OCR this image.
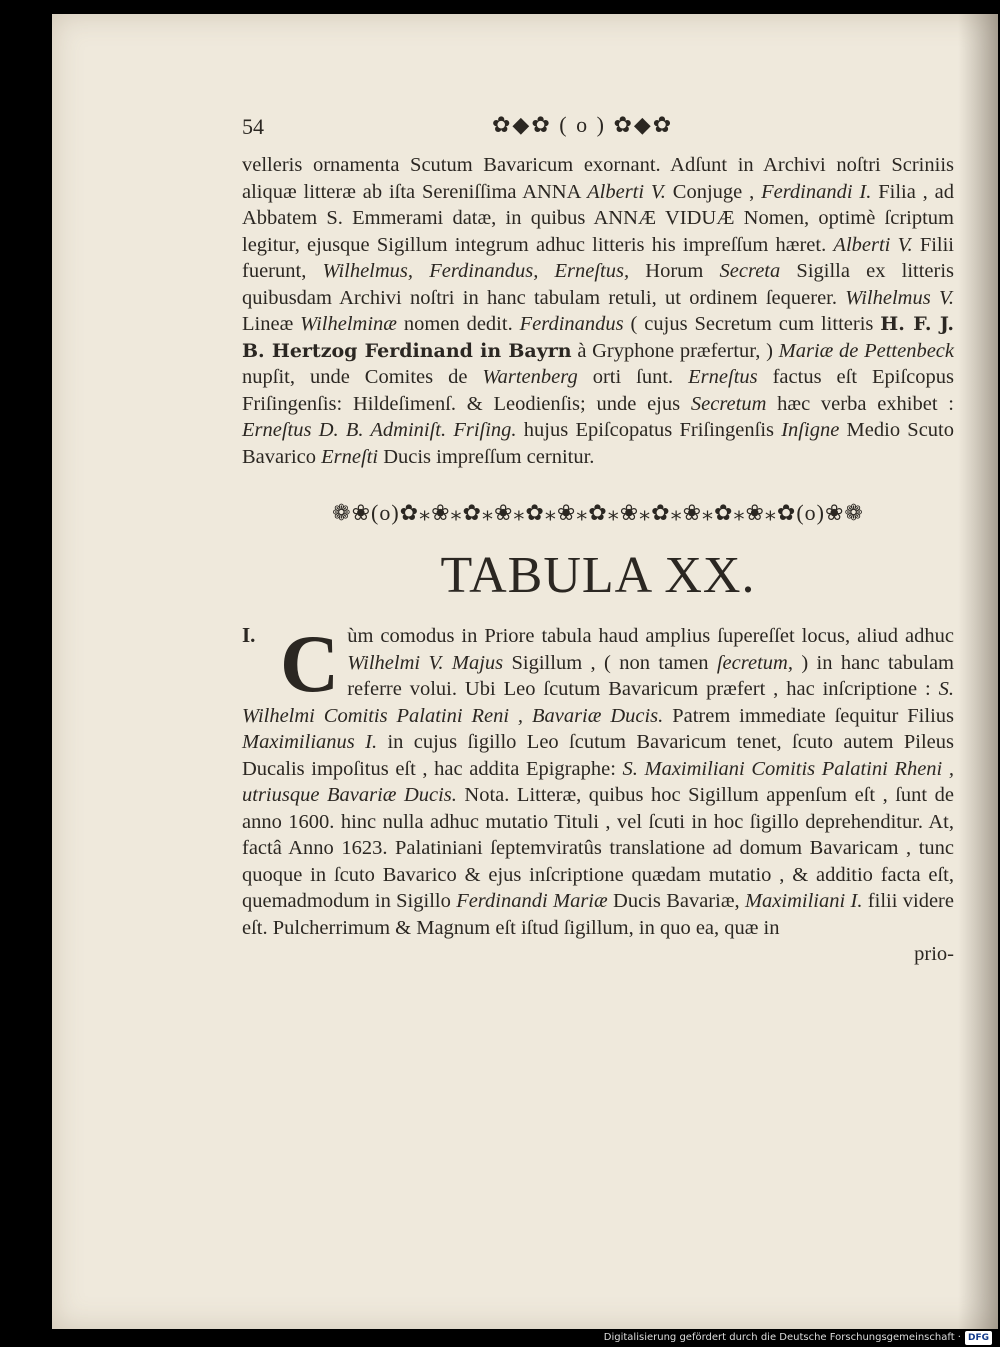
54	✿◆✿ ( o ) ✿◆✿

velleris ornamenta Scutum Bavaricum exornant. Adſunt in Archivi noſtri Scriniis aliquæ litteræ ab iſta Sereniſſima ANNA Alberti V. Conjuge , Ferdinandi I. Filia , ad Abbatem S. Emmerami datæ, in quibus ANNÆ VIDUÆ Nomen, optimè ſcriptum legitur, ejusque Sigillum integrum adhuc litteris his impreſſum hæret. Alberti V. Filii fuerunt, Wilhelmus, Ferdinandus, Erneſtus, Horum Secreta Sigilla ex litteris quibusdam Archivi noſtri in hanc tabulam retuli, ut ordinem ſequerer. Wilhelmus V. Lineæ Wilhelminæ nomen dedit. Ferdinandus ( cujus Secretum cum litteris H. F. J. B. Hertzog Ferdinand in Bayrn à Gryphone præfertur, ) Mariæ de Pettenbeck nupſit, unde Comites de Wartenberg orti ſunt. Erneſtus factus eſt Epiſcopus Friſingenſis: Hildeſimenſ. & Leodienſis; unde ejus Secretum hæc verba exhibet : Erneſtus D. B. Adminiſt. Friſing. hujus Epiſcopatus Friſingenſis Inſigne Medio Scuto Bavarico Erneſti Ducis impreſſum cernitur.

❁❀(o)✿⁎❀⁎✿⁎❀⁎✿⁎❀⁎✿⁎❀⁎✿⁎❀⁎✿⁎❀⁎✿(o)❀❁
TABULA XX.
I. C ùm comodus in Priore tabula haud amplius ſupereſſet locus, aliud adhuc Wilhelmi V. Majus Sigillum , ( non tamen ſecretum, ) in hanc tabulam referre volui. Ubi Leo ſcutum Bavaricum præfert , hac inſcriptione : S. Wilhelmi Comitis Palatini Reni , Bavariæ Ducis. Patrem immediate ſequitur Filius Maximilianus I. in cujus ſigillo Leo ſcutum Bavaricum tenet, ſcuto autem Pileus Ducalis impoſitus eſt , hac addita Epigraphe: S. Maximiliani Comitis Palatini Rheni , utriusque Bavariæ Ducis. Nota. Litteræ, quibus hoc Sigillum appenſum eſt , ſunt de anno 1600. hinc nulla adhuc mutatio Tituli , vel ſcuti in hoc ſigillo deprehenditur. At, factâ Anno 1623. Palatiniani ſeptemviratûs translatione ad domum Bavaricam , tunc quoque in ſcuto Bavarico & ejus inſcriptione quædam mutatio , & additio facta eſt, quemadmodum in Sigillo Ferdinandi Mariæ Ducis Bavariæ, Maximiliani I. filii videre eſt. Pulcherrimum & Magnum eſt iſtud ſigillum, in quo ea, quæ in

prio-
Digitalisierung gefördert durch die Deutsche Forschungsgemeinschaft · DFG
